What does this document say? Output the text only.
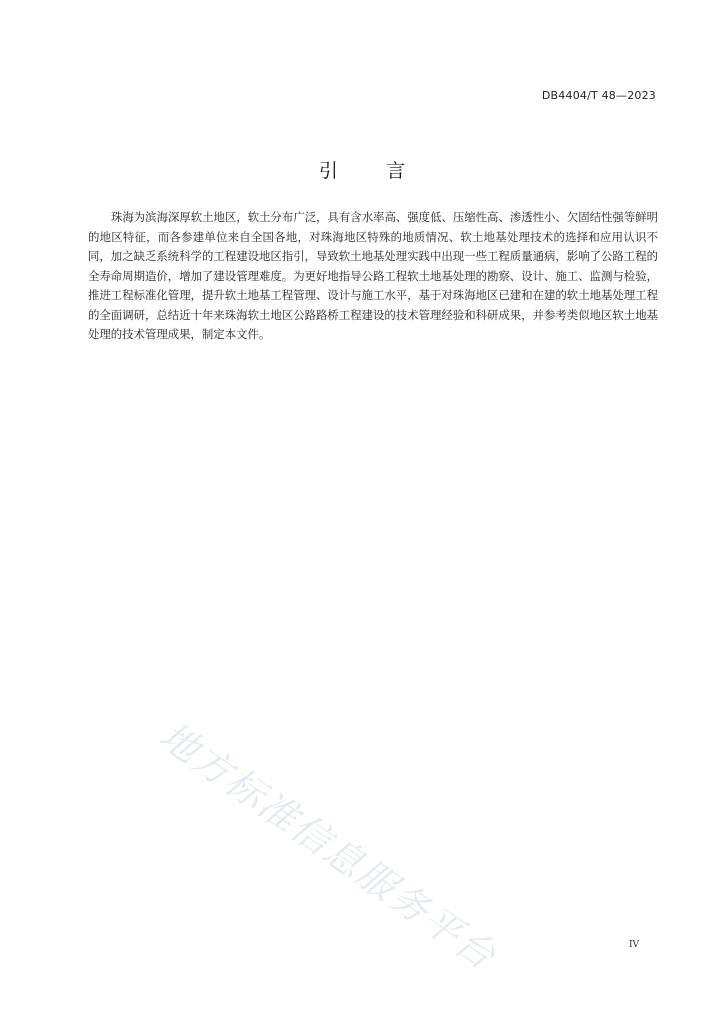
DB4404/T 48—2023
引        言

珠海为滨海深厚软土地区，软土分布广泛，具有含水率高、强度低、压缩性高、渗透性小、欠固结性强等鲜明的地区特征，而各参建单位来自全国各地，对珠海地区特殊的地质情况、软土地基处理技术的选择和应用认识不同，加之缺乏系统科学的工程建设地区指引，导致软土地基处理实践中出现一些工程质量通病，影响了公路工程的全寿命周期造价，增加了建设管理难度。为更好地指导公路工程软土地基处理的勘察、设计、施工、监测与检验，推进工程标准化管理，提升软土地基工程管理、设计与施工水平，基于对珠海地区已建和在建的软土地基处理工程的全面调研，总结近十年来珠海软土地区公路路桥工程建设的技术管理经验和科研成果，并参考类似地区软土地基处理的技术管理成果，制定本文件。

地方标准信息服务平台	IV
